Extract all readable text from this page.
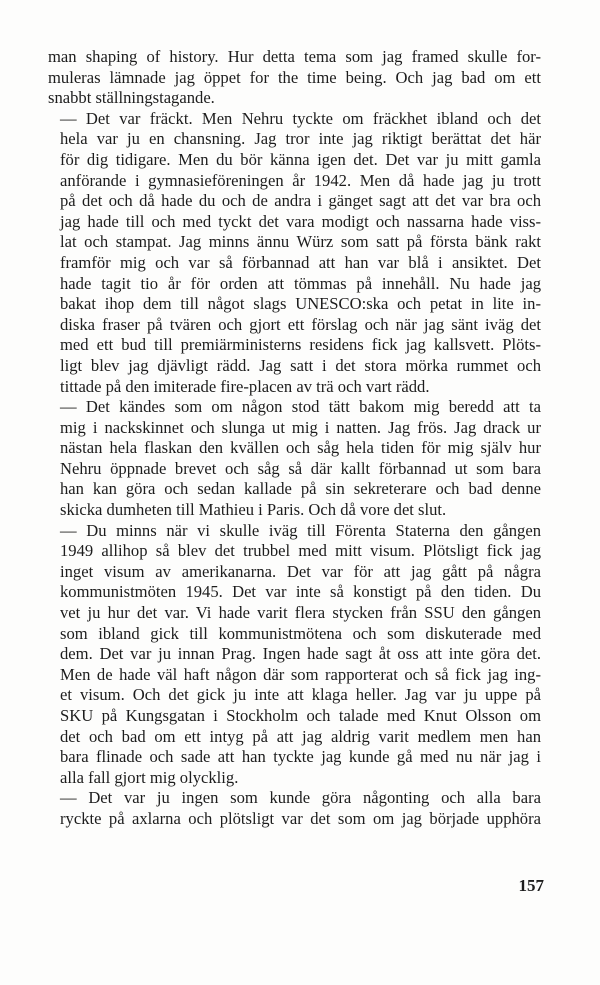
man shaping of history. Hur detta tema som jag framed skulle for-
muleras lämnade jag öppet for the time being. Och jag bad om ett
snabbt ställningstagande.

— Det var fräckt. Men Nehru tyckte om fräckhet ibland och det
hela var ju en chansning. Jag tror inte jag riktigt berättat det här
för dig tidigare. Men du bör känna igen det. Det var ju mitt gamla
anförande i gymnasieföreningen år 1942. Men då hade jag ju trott
på det och då hade du och de andra i gänget sagt att det var bra och
jag hade till och med tyckt det vara modigt och nassarna hade viss-
lat och stampat. Jag minns ännu Würz som satt på första bänk rakt
framför mig och var så förbannad att han var blå i ansiktet. Det
hade tagit tio år för orden att tömmas på innehåll. Nu hade jag
bakat ihop dem till något slags UNESCO:ska och petat in lite in-
diska fraser på tvären och gjort ett förslag och när jag sänt iväg det
med ett bud till premiärministerns residens fick jag kallsvett. Plöts-
ligt blev jag djävligt rädd. Jag satt i det stora mörka rummet och
tittade på den imiterade fire-placen av trä och vart rädd.

— Det kändes som om någon stod tätt bakom mig beredd att ta
mig i nackskinnet och slunga ut mig i natten. Jag frös. Jag drack ur
nästan hela flaskan den kvällen och såg hela tiden för mig själv hur
Nehru öppnade brevet och såg så där kallt förbannad ut som bara
han kan göra och sedan kallade på sin sekreterare och bad denne
skicka dumheten till Mathieu i Paris. Och då vore det slut.

— Du minns när vi skulle iväg till Förenta Staterna den gången
1949 allihop så blev det trubbel med mitt visum. Plötsligt fick jag
inget visum av amerikanarna. Det var för att jag gått på några
kommunistmöten 1945. Det var inte så konstigt på den tiden. Du
vet ju hur det var. Vi hade varit flera stycken från SSU den gången
som ibland gick till kommunistmötena och som diskuterade med
dem. Det var ju innan Prag. Ingen hade sagt åt oss att inte göra det.
Men de hade väl haft någon där som rapporterat och så fick jag ing-
et visum. Och det gick ju inte att klaga heller. Jag var ju uppe på
SKU på Kungsgatan i Stockholm och talade med Knut Olsson om
det och bad om ett intyg på att jag aldrig varit medlem men han
bara flinade och sade att han tyckte jag kunde gå med nu när jag i
alla fall gjort mig olycklig.

— Det var ju ingen som kunde göra någonting och alla bara
ryckte på axlarna och plötsligt var det som om jag började upphöra

157
